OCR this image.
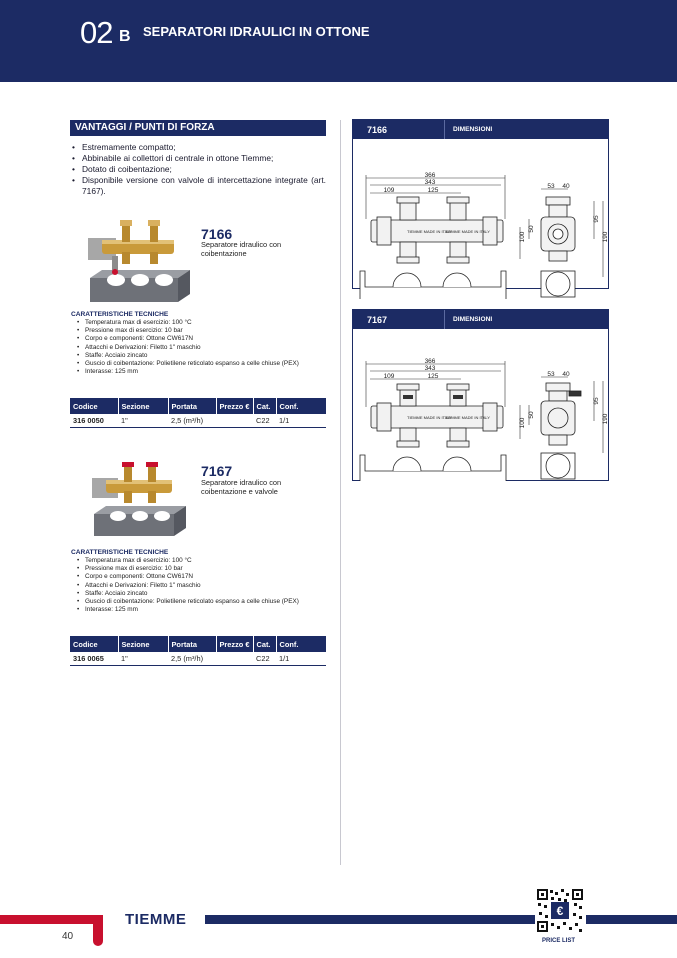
02 B SEPARATORI IDRAULICI IN OTTONE
VANTAGGI / PUNTI DI FORZA
• Estremamente compatto;
• Abbinabile ai collettori di centrale in ottone Tiemme;
• Dotato di coibentazione;
• Disponibile versione con valvole di intercettazione integrate (art. 7167).
7166
Separatore idraulico con coibentazione
CARATTERISTICHE TECNICHE
• Temperatura max di esercizio: 100 °C
• Pressione max di esercizio: 10 bar
• Corpo e componenti: Ottone CW617N
• Attacchi e Derivazioni: Filetto 1" maschio
• Staffe: Acciaio zincato
• Guscio di coibentazione: Polietilene reticolato espanso a celle chiuse (PEX)
• Interasse: 125 mm
Codice	Sezione	Portata	Prezzo €	Cat.	Conf.
316 0050	1"	2,5 (m³/h)		C22	1/1
7167
Separatore idraulico con coibentazione e valvole
CARATTERISTICHE TECNICHE
• Temperatura max di esercizio: 100 °C
• Pressione max di esercizio: 10 bar
• Corpo e componenti: Ottone CW617N
• Attacchi e Derivazioni: Filetto 1" maschio
• Staffe: Acciaio zincato
• Guscio di coibentazione: Polietilene reticolato espanso a celle chiuse (PEX)
• Interasse: 125 mm
Codice	Sezione	Portata	Prezzo €	Cat.	Conf.
316 0065	1"	2,5 (m³/h)		C22	1/1
7166	DIMENSIONI
366
343
109	125
53 40
100
50
95
190
TIEMME MADE IN ITALY
TIEMME MADE IN ITALY
7167	DIMENSIONI
366
343
109	125	53 40
100
50
95
190
TIEMME MADE IN ITALY
TIEMME MADE IN ITALY
TIEMME
40
€
PRICE LIST
